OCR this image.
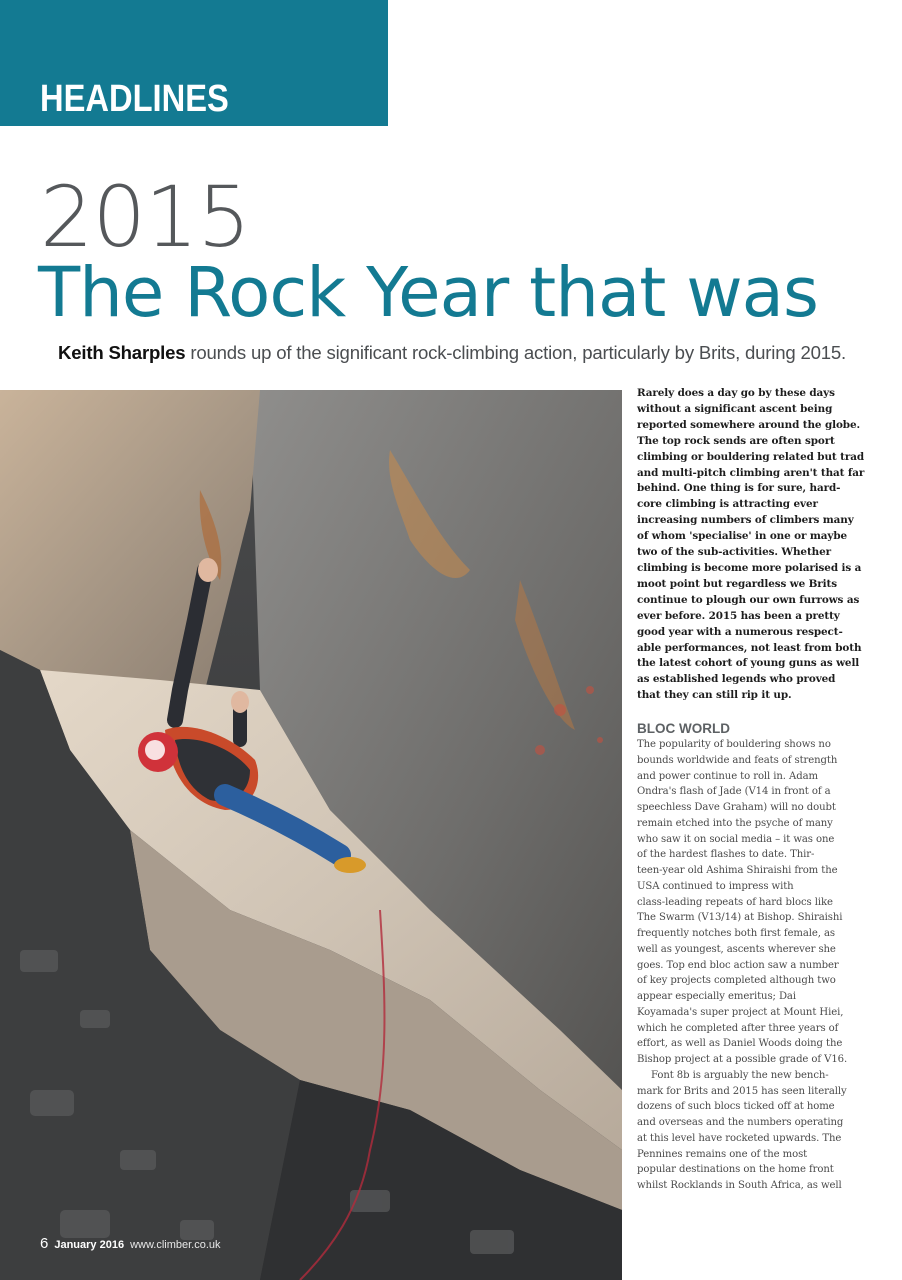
HEADLINES
2015
The Rock Year that was
Keith Sharples rounds up of the significant rock-climbing action, particularly by Brits, during 2015.
6 January 2016 www.climber.co.uk

Rarely does a day go by these days
without a significant ascent being
reported somewhere around the globe.
The top rock sends are often sport
climbing or bouldering related but trad
and multi-pitch climbing aren't that far
behind. One thing is for sure, hard-
core climbing is attracting ever
increasing numbers of climbers many
of whom 'specialise' in one or maybe
two of the sub-activities. Whether
climbing is become more polarised is a
moot point but regardless we Brits
continue to plough our own furrows as
ever before. 2015 has been a pretty
good year with a numerous respect-
able performances, not least from both
the latest cohort of young guns as well
as established legends who proved
that they can still rip it up.

BLOC WORLD

The popularity of bouldering shows no
bounds worldwide and feats of strength
and power continue to roll in. Adam
Ondra's flash of Jade (V14 in front of a
speechless Dave Graham) will no doubt
remain etched into the psyche of many
who saw it on social media – it was one
of the hardest flashes to date. Thir-
teen-year old Ashima Shiraishi from the
USA continued to impress with
class-leading repeats of hard blocs like
The Swarm (V13/14) at Bishop. Shiraishi
frequently notches both first female, as
well as youngest, ascents wherever she
goes. Top end bloc action saw a number
of key projects completed although two
appear especially emeritus; Dai
Koyamada's super project at Mount Hiei,
which he completed after three years of
effort, as well as Daniel Woods doing the
Bishop project at a possible grade of V16.

Font 8b is arguably the new bench-
mark for Brits and 2015 has seen literally
dozens of such blocs ticked off at home
and overseas and the numbers operating
at this level have rocketed upwards. The
Pennines remains one of the most
popular destinations on the home front
whilst Rocklands in South Africa, as well
